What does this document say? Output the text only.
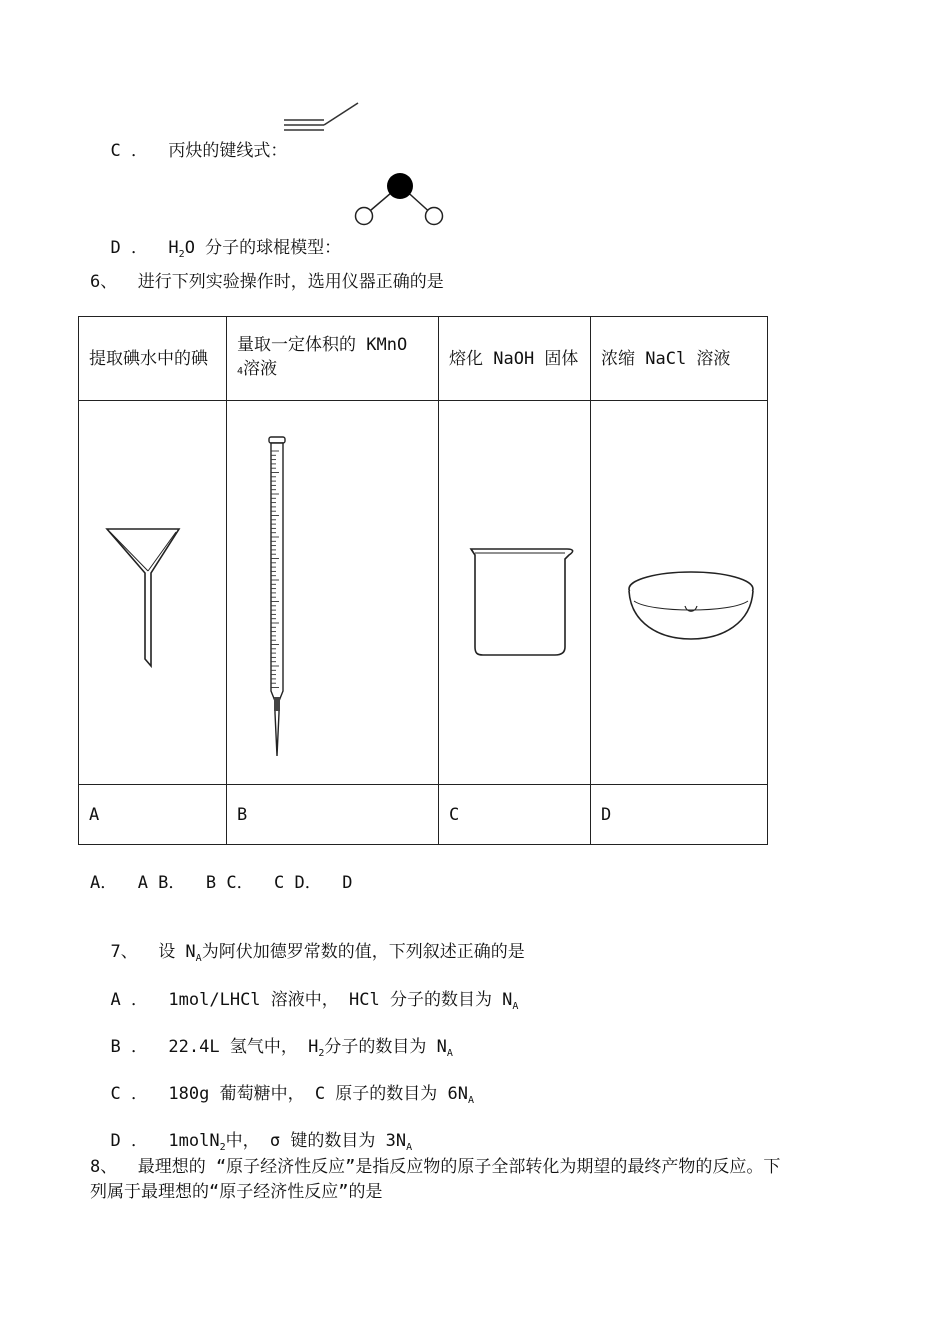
C ．  丙炔的键线式：

D ．  $H_2O$ 分子的球棍模型：

6、  进行下列实验操作时，选用仪器正确的是
提取碘水中的碘	量取一定体积的 KMnO
4溶液	熔化 NaOH 固体	浓缩 NaCl 溶液

A	B	C	D
A．  A B．  B C．  C D．  D

7、  设 $N_A$为阿伏加德罗常数的值，下列叙述正确的是

A ．  1mol/LHCl 溶液中， HCl 分子的数目为 $N_A$

B ．  22.4L 氢气中， $H_2$分子的数目为 $N_A$

C ．  180g 葡萄糖中， C 原子的数目为 $6N_A$

D ．  1molN$_2$中， σ 键的数目为 $3N_A$

8、  最理想的 “原子经济性反应”是指反应物的原子全部转化为期望的最终产物的反应。下
列属于最理想的“原子经济性反应”的是
